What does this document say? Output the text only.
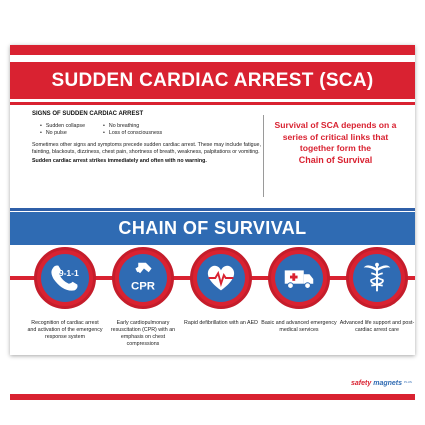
SUDDEN CARDIAC ARREST (SCA)
SIGNS OF SUDDEN CARDIAC ARREST
• Sudden collapse
• No pulse
• No breathing
• Loss of consciousness
Sometimes other signs and symptoms precede sudden cardiac arrest. These may include fatigue, fainting, blackouts, dizziness, chest pain, shortness of breath, weakness, palpitations or vomiting.
Sudden cardiac arrest strikes immediately and often with no warning.
Survival of SCA depends on a
series of critical links that
together form the
Chain of Survival
CHAIN OF SURVIVAL
9-1-1
CPR
Recognition of cardiac arrest and activation of the emergency response system
Early cardiopulmonary resuscitation (CPR) with an emphasis on chest compressions
Rapid defibrillation with an AED Basic and advanced emergency medical services
Advanced life support and post-cardiac arrest care
safety magnets PLUS
